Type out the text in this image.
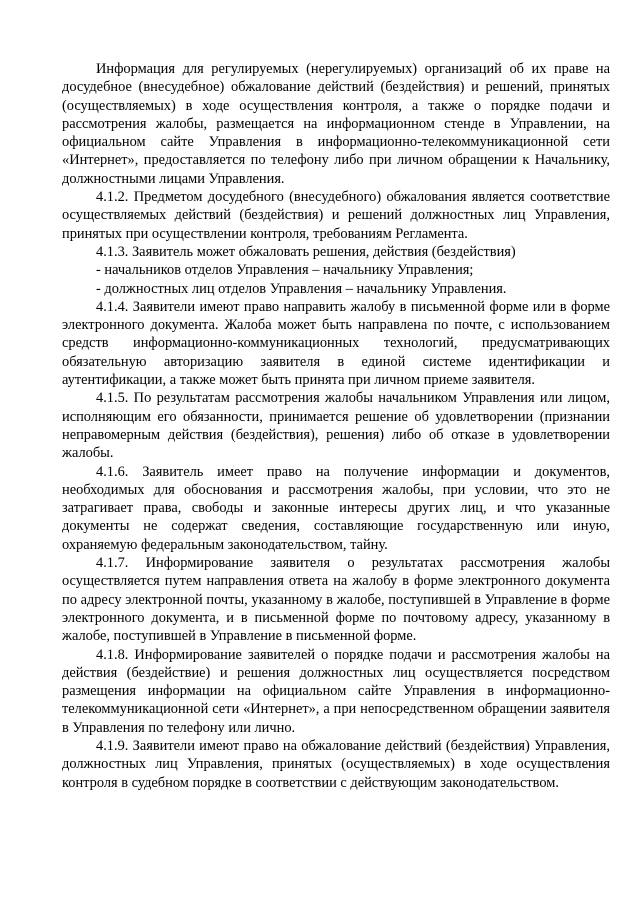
Информация для регулируемых (нерегулируемых) организаций об их праве на досудебное (внесудебное) обжалование действий (бездействия) и решений, принятых (осуществляемых) в ходе осуществления контроля, а также о порядке подачи и рассмотрения жалобы, размещается на информационном стенде в Управлении, на официальном сайте Управления в информационно-телекоммуникационной сети «Интернет», предоставляется по телефону либо при личном обращении к Начальнику, должностными лицами Управления.

4.1.2. Предметом досудебного (внесудебного) обжалования является соответствие осуществляемых действий (бездействия) и решений должностных лиц Управления, принятых при осуществлении контроля, требованиям Регламента.

4.1.3. Заявитель может обжаловать решения, действия (бездействия)

- начальников отделов Управления – начальнику Управления;

- должностных лиц отделов Управления – начальнику Управления.

4.1.4. Заявители имеют право направить жалобу в письменной форме или в форме электронного документа. Жалоба может быть направлена по почте, с использованием средств информационно-коммуникационных технологий, предусматривающих обязательную авторизацию заявителя в единой системе идентификации и аутентификации, а также может быть принята при личном приеме заявителя.

4.1.5. По результатам рассмотрения жалобы начальником Управления или лицом, исполняющим его обязанности, принимается решение об удовлетворении (признании неправомерным действия (бездействия), решения) либо об отказе в удовлетворении жалобы.

4.1.6. Заявитель имеет право на получение информации и документов, необходимых для обоснования и рассмотрения жалобы, при условии, что это не затрагивает права, свободы и законные интересы других лиц, и что указанные документы не содержат сведения, составляющие государственную или иную, охраняемую федеральным законодательством, тайну.

4.1.7. Информирование заявителя о результатах рассмотрения жалобы осуществляется путем направления ответа на жалобу в форме электронного документа по адресу электронной почты, указанному в жалобе, поступившей в Управление в форме электронного документа, и в письменной форме по почтовому адресу, указанному в жалобе, поступившей в Управление в письменной форме.

4.1.8. Информирование заявителей о порядке подачи и рассмотрения жалобы на действия (бездействие) и решения должностных лиц осуществляется посредством размещения информации на официальном сайте Управления в информационно-телекоммуникационной сети «Интернет», а при непосредственном обращении заявителя в Управления по телефону или лично.

4.1.9. Заявители имеют право на обжалование действий (бездействия) Управления, должностных лиц Управления, принятых (осуществляемых) в ходе осуществления контроля в судебном порядке в соответствии с действующим законодательством.
